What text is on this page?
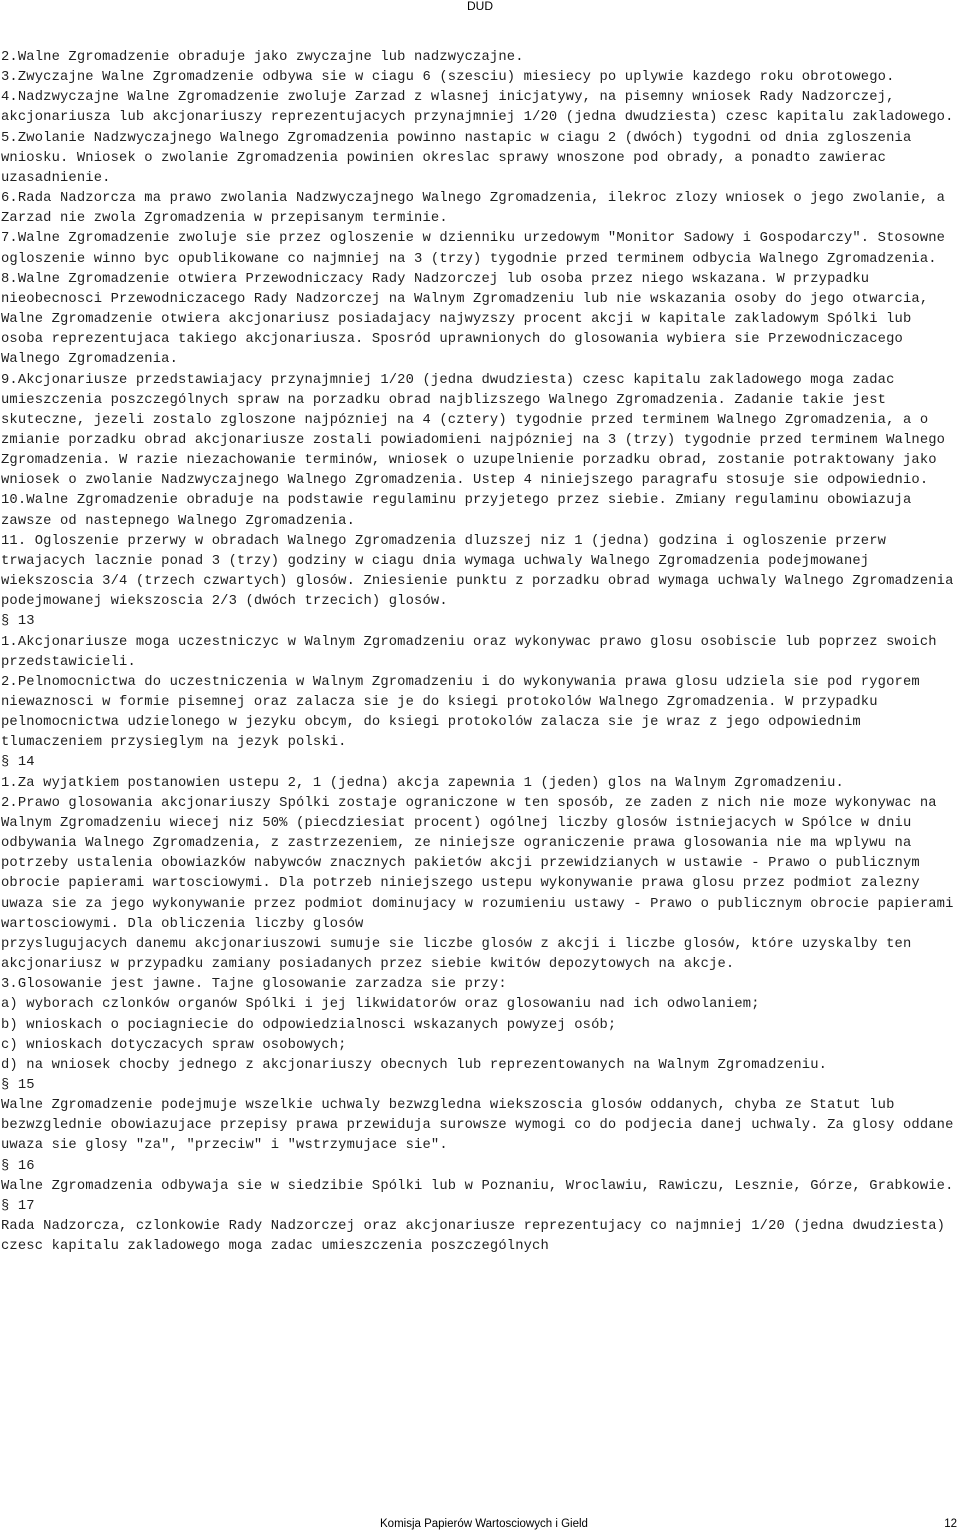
DUD

2.Walne Zgromadzenie obraduje jako zwyczajne lub nadzwyczajne.

3.Zwyczajne Walne Zgromadzenie odbywa sie w ciagu 6 (szesciu) miesiecy po uplywie kazdego roku obrotowego.

4.Nadzwyczajne Walne Zgromadzenie zwoluje Zarzad z wlasnej inicjatywy, na pisemny wniosek Rady Nadzorczej, akcjonariusza lub akcjonariuszy reprezentujacych przynajmniej 1/20 (jedna dwudziesta) czesc kapitalu zakladowego.

5.Zwolanie Nadzwyczajnego Walnego Zgromadzenia powinno nastapic w ciagu 2 (dwóch) tygodni od dnia zgloszenia wniosku. Wniosek o zwolanie Zgromadzenia powinien okreslac sprawy wnoszone pod obrady, a ponadto zawierac uzasadnienie.

6.Rada Nadzorcza ma prawo zwolania Nadzwyczajnego Walnego Zgromadzenia, ilekroc zlozy wniosek o jego zwolanie, a Zarzad nie zwola Zgromadzenia w przepisanym terminie.

7.Walne Zgromadzenie zwoluje sie przez ogloszenie w dzienniku urzedowym "Monitor Sadowy i Gospodarczy". Stosowne ogloszenie winno byc opublikowane co najmniej na 3 (trzy) tygodnie przed terminem odbycia Walnego Zgromadzenia.

8.Walne Zgromadzenie otwiera Przewodniczacy Rady Nadzorczej lub osoba przez niego wskazana. W przypadku nieobecnosci Przewodniczacego Rady Nadzorczej na Walnym Zgromadzeniu lub nie wskazania osoby do jego otwarcia, Walne Zgromadzenie otwiera akcjonariusz posiadajacy najwyzszy procent akcji w kapitale zakladowym Spólki lub osoba reprezentujaca takiego akcjonariusza. Sposród uprawnionych do glosowania wybiera sie Przewodniczacego Walnego Zgromadzenia.

9.Akcjonariusze przedstawiajacy przynajmniej 1/20 (jedna dwudziesta) czesc kapitalu zakladowego moga zadac umieszczenia poszczególnych spraw na porzadku obrad najblizszego Walnego Zgromadzenia. Zadanie takie jest skuteczne, jezeli zostalo zgloszone najpózniej na 4 (cztery) tygodnie przed terminem Walnego Zgromadzenia, a o zmianie porzadku obrad akcjonariusze zostali powiadomieni najpózniej na 3 (trzy) tygodnie przed terminem Walnego Zgromadzenia. W razie niezachowanie terminów, wniosek o uzupelnienie porzadku obrad, zostanie potraktowany jako wniosek o zwolanie Nadzwyczajnego Walnego Zgromadzenia. Ustep 4 niniejszego paragrafu stosuje sie odpowiednio.

10.Walne Zgromadzenie obraduje na podstawie regulaminu przyjetego przez siebie. Zmiany regulaminu obowiazuja zawsze od nastepnego Walnego Zgromadzenia.

11. Ogloszenie przerwy w obradach Walnego Zgromadzenia dluzszej niz 1 (jedna) godzina i ogloszenie przerw trwajacych lacznie ponad 3 (trzy) godziny w ciagu dnia wymaga uchwaly Walnego Zgromadzenia podejmowanej wiekszoscia 3/4 (trzech czwartych) glosów. Zniesienie punktu z porzadku obrad wymaga uchwaly Walnego Zgromadzenia podejmowanej wiekszoscia 2/3 (dwóch trzecich) glosów.

§ 13

1.Akcjonariusze moga uczestniczyc w Walnym Zgromadzeniu oraz wykonywac prawo glosu osobiscie lub poprzez swoich przedstawicieli.

2.Pelnomocnictwa do uczestniczenia w Walnym Zgromadzeniu i do wykonywania prawa glosu udziela sie pod rygorem niewaznosci w formie pisemnej oraz zalacza sie je do ksiegi protokolów Walnego Zgromadzenia. W przypadku pelnomocnictwa udzielonego w jezyku obcym, do ksiegi protokolów zalacza sie je wraz z jego odpowiednim tlumaczeniem przysieglym na jezyk polski.

§ 14

1.Za wyjatkiem postanowien ustepu 2, 1 (jedna) akcja zapewnia 1 (jeden) glos na Walnym Zgromadzeniu.

2.Prawo glosowania akcjonariuszy Spólki zostaje ograniczone w ten sposób, ze zaden z nich nie moze wykonywac na Walnym Zgromadzeniu wiecej niz 50% (piecdziesiat procent) ogólnej liczby glosów istniejacych w Spólce w dniu odbywania Walnego Zgromadzenia, z zastrzezeniem, ze niniejsze ograniczenie prawa glosowania nie ma wplywu na potrzeby ustalenia obowiazków nabywców znacznych pakietów akcji przewidzianych w ustawie - Prawo o publicznym obrocie papierami wartosciowymi. Dla potrzeb niniejszego ustepu wykonywanie prawa glosu przez podmiot zalezny uwaza sie za jego wykonywanie przez podmiot dominujacy w rozumieniu ustawy - Prawo o publicznym obrocie papierami wartosciowymi. Dla obliczenia liczby glosów

przyslugujacych danemu akcjonariuszowi sumuje sie liczbe glosów z akcji i liczbe glosów, które uzyskalby ten akcjonariusz w przypadku zamiany posiadanych przez siebie kwitów depozytowych na akcje.

3.Glosowanie jest jawne. Tajne glosowanie zarzadza sie przy:

a) wyborach czlonków organów Spólki i jej likwidatorów oraz glosowaniu nad ich odwolaniem;

b) wnioskach o pociagniecie do odpowiedzialnosci wskazanych powyzej osób;

c) wnioskach dotyczacych spraw osobowych;

d) na wniosek chocby jednego z akcjonariuszy obecnych lub reprezentowanych na Walnym Zgromadzeniu.

§ 15

Walne Zgromadzenie podejmuje wszelkie uchwaly bezwzgledna wiekszoscia glosów oddanych, chyba ze Statut lub bezwzglednie obowiazujace przepisy prawa przewiduja surowsze wymogi co do podjecia danej uchwaly. Za glosy oddane uwaza sie glosy "za", "przeciw" i "wstrzymujace sie".

§ 16

Walne Zgromadzenia odbywaja sie w siedzibie Spólki lub w Poznaniu, Wroclawiu, Rawiczu, Lesznie, Górze, Grabkowie.

§ 17

Rada Nadzorcza, czlonkowie Rady Nadzorczej oraz akcjonariusze reprezentujacy co najmniej 1/20 (jedna dwudziesta) czesc kapitalu zakladowego moga zadac umieszczenia poszczególnych

Komisja Papierów Wartosciowych i Gield	12
